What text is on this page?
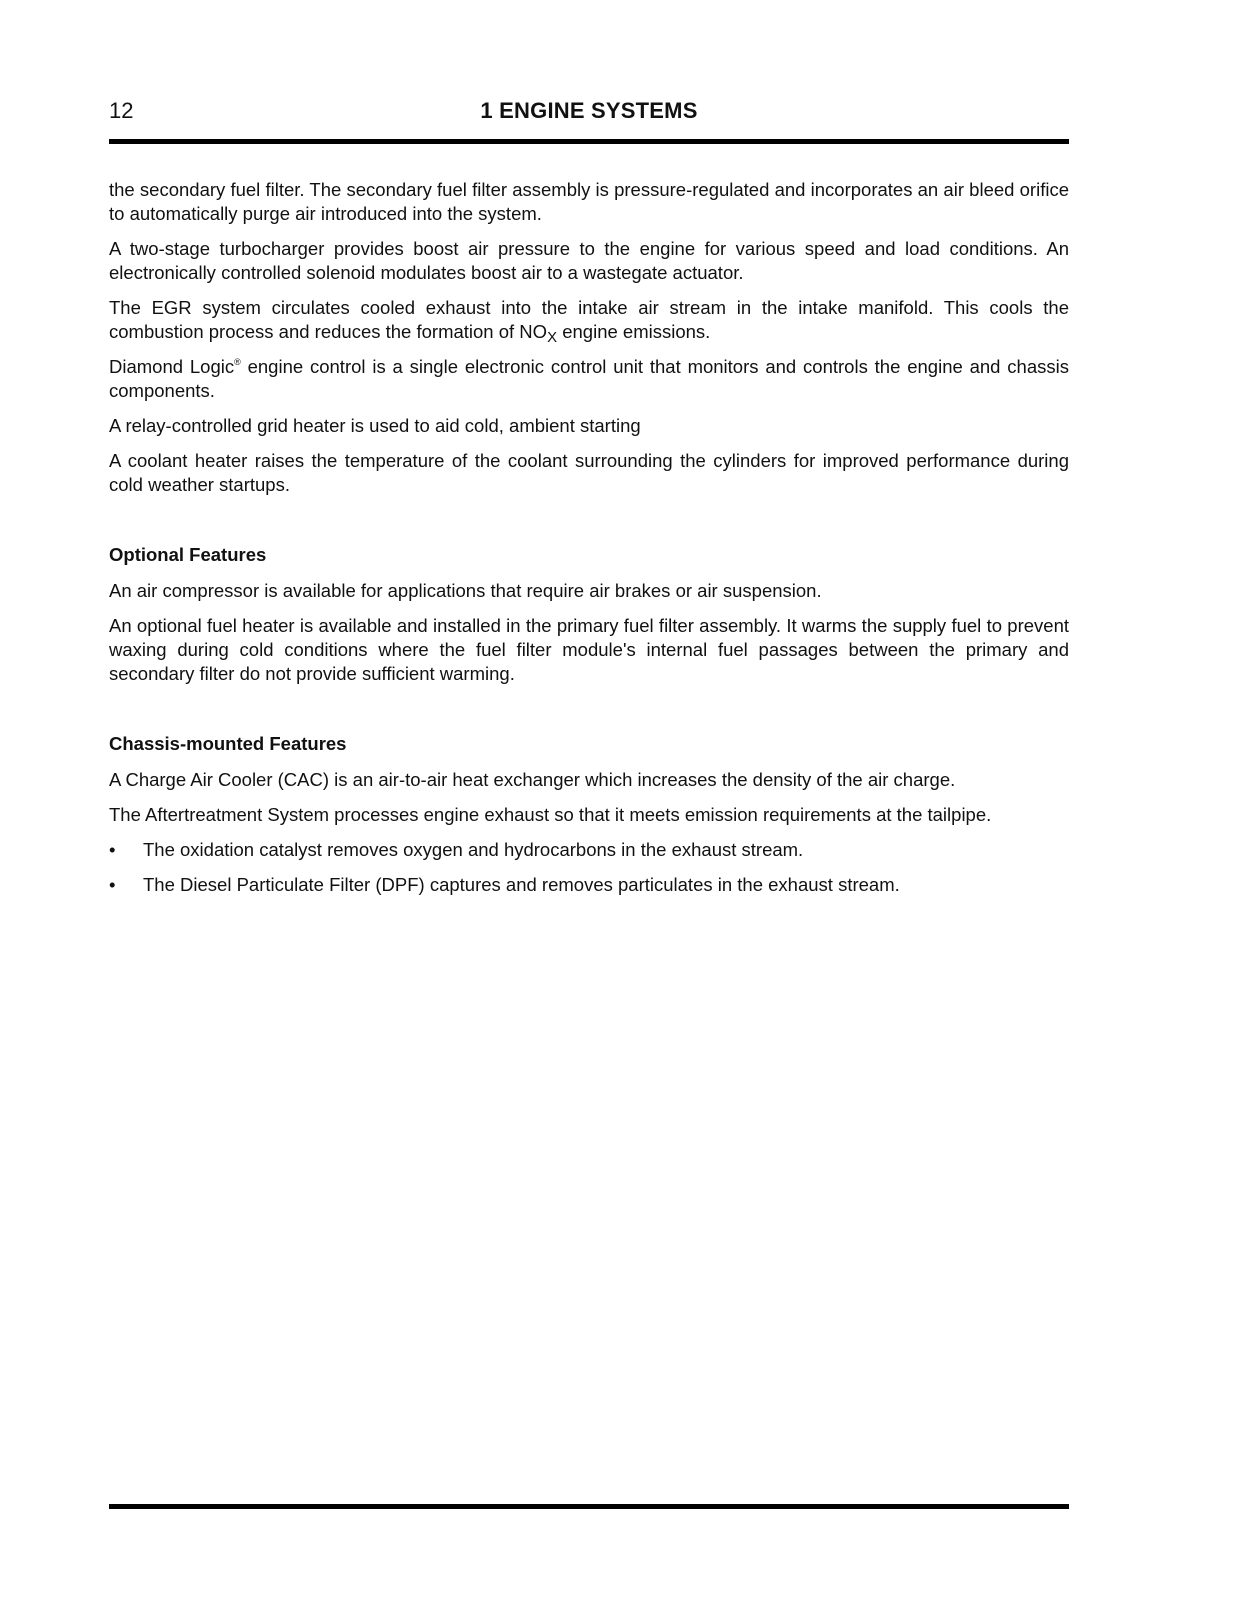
12	1 ENGINE SYSTEMS

the secondary fuel filter. The secondary fuel filter assembly is pressure-regulated and incorporates an air bleed orifice to automatically purge air introduced into the system.

A two-stage turbocharger provides boost air pressure to the engine for various speed and load conditions. An electronically controlled solenoid modulates boost air to a wastegate actuator.

The EGR system circulates cooled exhaust into the intake air stream in the intake manifold. This cools the combustion process and reduces the formation of $NO_X$ engine emissions.

Diamond Logic® engine control is a single electronic control unit that monitors and controls the engine and chassis components.

A relay-controlled grid heater is used to aid cold, ambient starting

A coolant heater raises the temperature of the coolant surrounding the cylinders for improved performance during cold weather startups.

Optional Features

An air compressor is available for applications that require air brakes or air suspension.

An optional fuel heater is available and installed in the primary fuel filter assembly. It warms the supply fuel to prevent waxing during cold conditions where the fuel filter module's internal fuel passages between the primary and secondary filter do not provide sufficient warming.

Chassis-mounted Features

A Charge Air Cooler (CAC) is an air-to-air heat exchanger which increases the density of the air charge.

The Aftertreatment System processes engine exhaust so that it meets emission requirements at the tailpipe.

• The oxidation catalyst removes oxygen and hydrocarbons in the exhaust stream.
• The Diesel Particulate Filter (DPF) captures and removes particulates in the exhaust stream.
